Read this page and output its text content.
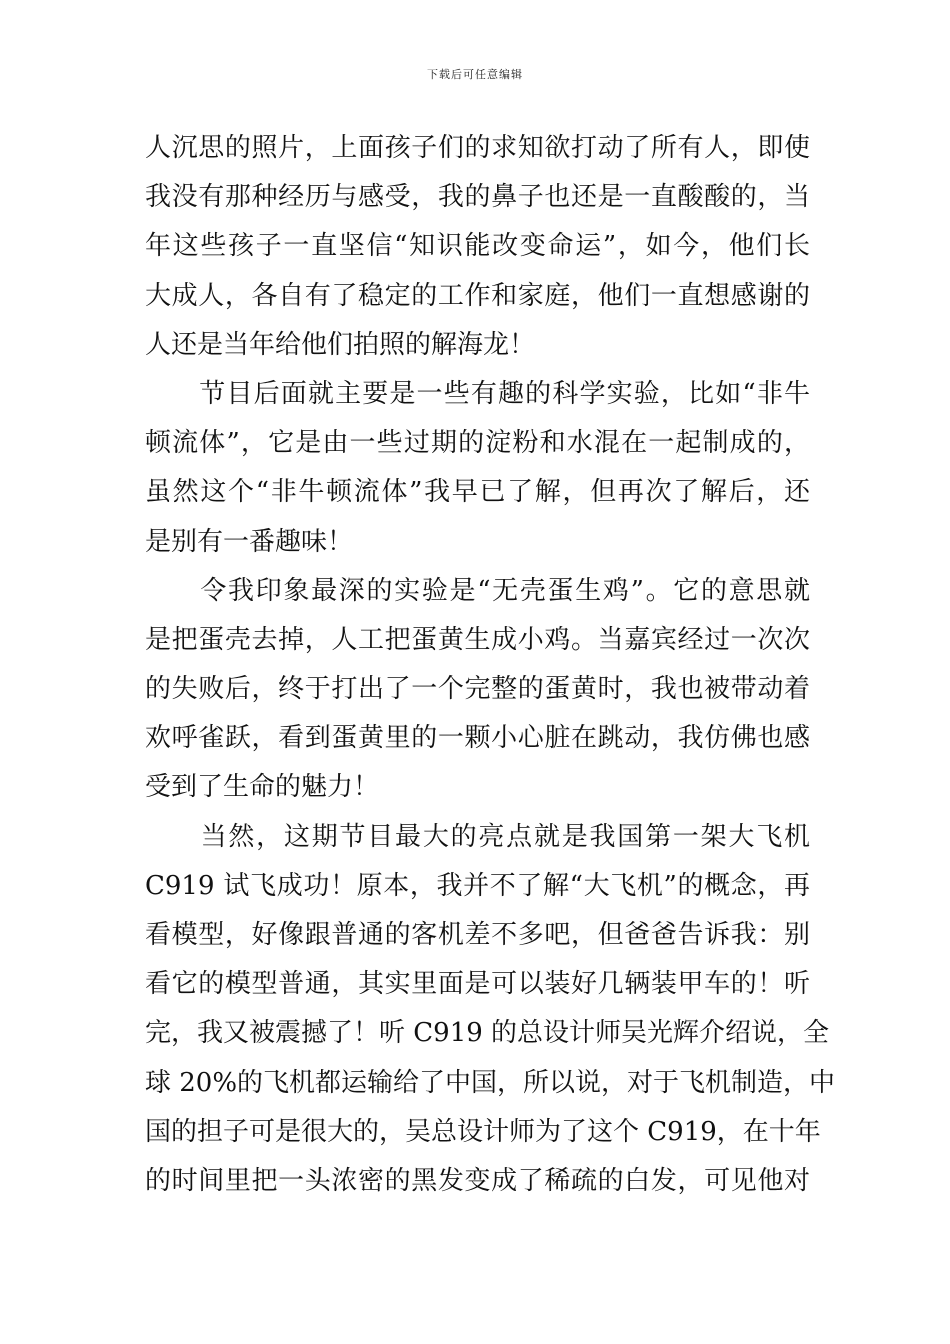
下载后可任意编辑
人沉思的照片，上面孩子们的求知欲打动了所有人，即使
我没有那种经历与感受，我的鼻子也还是一直酸酸的，当
年这些孩子一直坚信“知识能改变命运”，如今，他们长
大成人，各自有了稳定的工作和家庭，他们一直想感谢的
人还是当年给他们拍照的解海龙！
　　节目后面就主要是一些有趣的科学实验，比如“非牛
顿流体”，它是由一些过期的淀粉和水混在一起制成的，
虽然这个“非牛顿流体”我早已了解，但再次了解后，还
是别有一番趣味！
　　令我印象最深的实验是“无壳蛋生鸡”。它的意思就
是把蛋壳去掉，人工把蛋黄生成小鸡。当嘉宾经过一次次
的失败后，终于打出了一个完整的蛋黄时，我也被带动着
欢呼雀跃，看到蛋黄里的一颗小心脏在跳动，我仿佛也感
受到了生命的魅力！
　　当然，这期节目最大的亮点就是我国第一架大飞机
C919 试飞成功！原本，我并不了解“大飞机”的概念，再
看模型，好像跟普通的客机差不多吧，但爸爸告诉我：别
看它的模型普通，其实里面是可以装好几辆装甲车的！听
完，我又被震撼了！听 C919 的总设计师吴光辉介绍说，全
球 20%的飞机都运输给了中国，所以说，对于飞机制造，中
国的担子可是很大的，吴总设计师为了这个 C919，在十年
的时间里把一头浓密的黑发变成了稀疏的白发，可见他对
